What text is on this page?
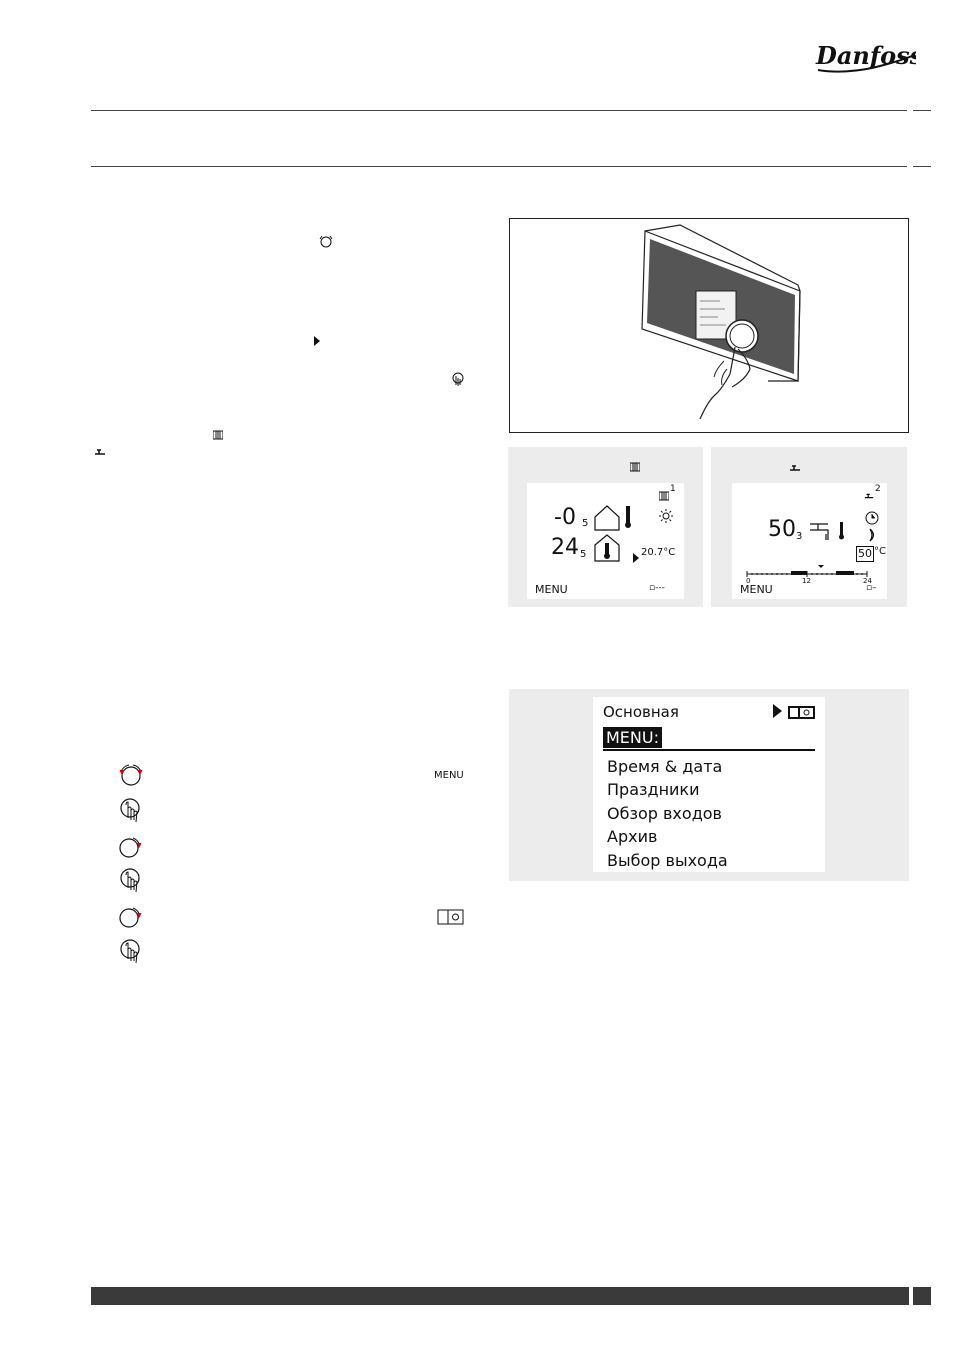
Danfoss
1
-0 5
24 5	20.7°C
MENU	▫---
2
50 3
50 °C
0	12	24
MENU	▫–
Основная
MENU:
Время & дата
Праздники
Обзор входов
Архив
Выбор выхода
MENU
